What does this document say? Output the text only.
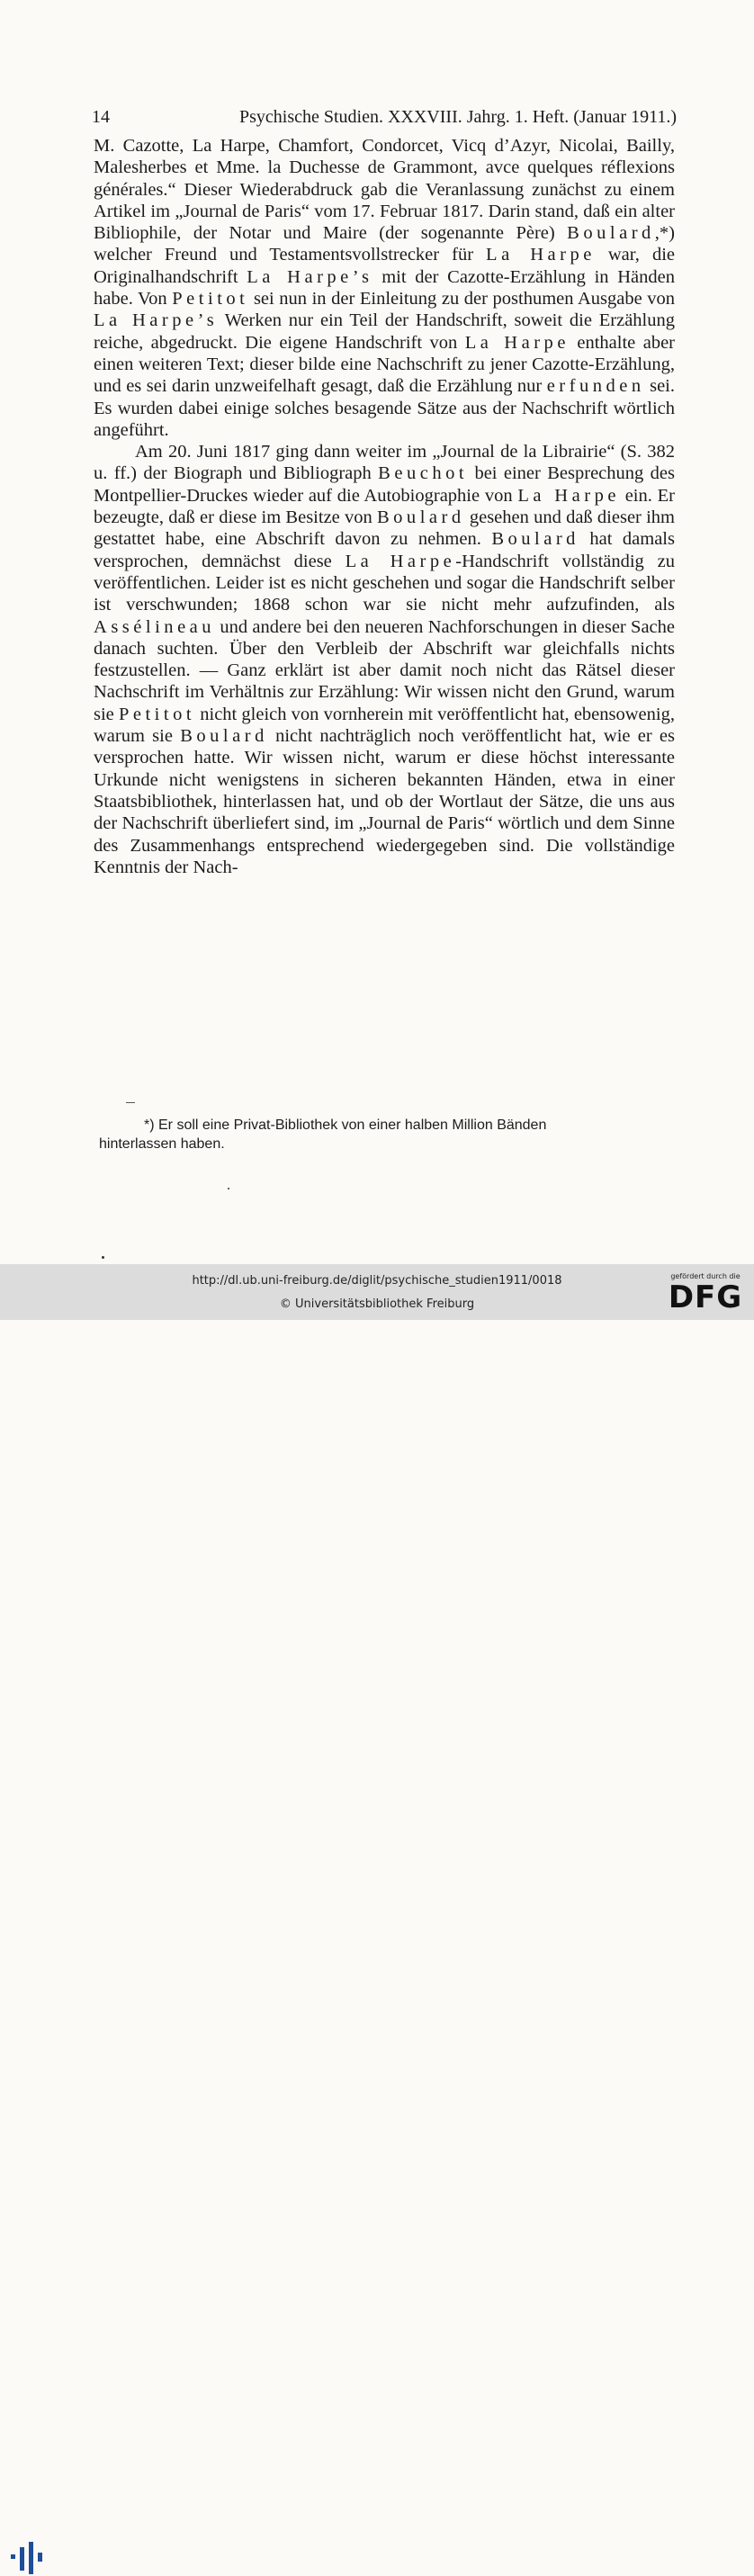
14	Psychische Studien. XXXVIII. Jahrg. 1. Heft. (Januar 1911.)

M. Cazotte, La Harpe, Chamfort, Condorcet, Vicq d’Azyr, Nicolai, Bailly, Malesherbes et Mme. la Duchesse de Grammont, avce quelques réflexions générales.“ Dieser Wiederabdruck gab die Veranlassung zunächst zu einem Artikel im „Journal de Paris“ vom 17. Februar 1817. Darin stand, daß ein alter Bibliophile, der Notar und Maire (der sogenannte Père) Boulard,*) welcher Freund und Testamentsvollstrecker für La Harpe war, die Originalhandschrift La Harpe’s mit der Cazotte-Erzählung in Händen habe. Von Petitot sei nun in der Einleitung zu der posthumen Ausgabe von La Harpe’s Werken nur ein Teil der Handschrift, soweit die Erzählung reiche, abgedruckt. Die eigene Handschrift von La Harpe enthalte aber einen weiteren Text; dieser bilde eine Nachschrift zu jener Cazotte-Erzählung, und es sei darin unzweifelhaft gesagt, daß die Erzählung nur erfunden sei. Es wurden dabei einige solches besagende Sätze aus der Nachschrift wörtlich angeführt.

Am 20. Juni 1817 ging dann weiter im „Journal de la Librairie“ (S. 382 u. ff.) der Biograph und Bibliograph Beuchot bei einer Besprechung des Montpellier-Druckes wieder auf die Autobiographie von La Harpe ein. Er bezeugte, daß er diese im Besitze von Boulard gesehen und daß dieser ihm gestattet habe, eine Abschrift davon zu nehmen. Boulard hat damals versprochen, demnächst diese La Harpe-Handschrift vollständig zu veröffentlichen. Leider ist es nicht geschehen und sogar die Handschrift selber ist verschwunden; 1868 schon war sie nicht mehr aufzufinden, als Assélineau und andere bei den neueren Nachforschungen in dieser Sache danach suchten. Über den Verbleib der Abschrift war gleichfalls nichts festzustellen. — Ganz erklärt ist aber damit noch nicht das Rätsel dieser Nachschrift im Verhältnis zur Erzählung: Wir wissen nicht den Grund, warum sie Petitot nicht gleich von vornherein mit veröffentlicht hat, ebensowenig, warum sie Boulard nicht nachträglich noch veröffentlicht hat, wie er es versprochen hatte. Wir wissen nicht, warum er diese höchst interessante Urkunde nicht wenigstens in sicheren bekannten Händen, etwa in einer Staatsbibliothek, hinterlassen hat, und ob der Wortlaut der Sätze, die uns aus der Nachschrift überliefert sind, im „Journal de Paris“ wörtlich und dem Sinne des Zusammenhangs entsprechend wiedergegeben sind. Die vollständige Kenntnis der Nach-

*) Er soll eine Privat-Bibliothek von einer halben Million Bänden
hinterlassen haben.
http://dl.ub.uni-freiburg.de/diglit/psychische_studien1911/0018
© Universitätsbibliothek Freiburg
gefördert durch die
DFG
